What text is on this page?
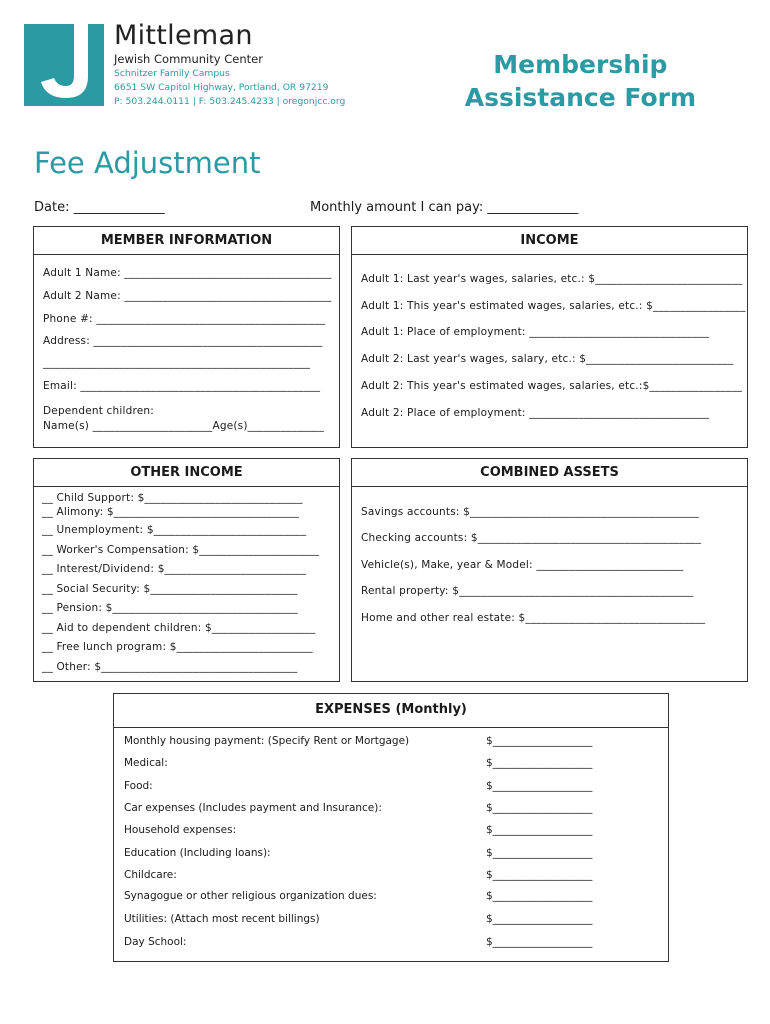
Mittleman
Jewish Community Center
Schnitzer Family Campus
6651 SW Capitol Highway, Portland, OR 97219
P: 503.244.0111 | F: 503.245.4233 | oregonjcc.org
Membership
Assistance Form
Fee Adjustment
Date: ______________	Monthly amount I can pay: ______________
MEMBER INFORMATION
Adult 1 Name: ______________________________________
Adult 2 Name: ______________________________________
Phone #: __________________________________________
Address: __________________________________________
_________________________________________________
Email: ____________________________________________
Dependent children:
Name(s) ______________________Age(s)______________
INCOME
Adult 1: Last year's wages, salaries, etc.: $___________________________
Adult 1: This year's estimated wages, salaries, etc.: $_________________
Adult 1: Place of employment: _________________________________
Adult 2: Last year's wages, salary, etc.: $___________________________
Adult 2: This year's estimated wages, salaries, etc.:$_________________
Adult 2: Place of employment: _________________________________
OTHER INCOME
__ Child Support: $_____________________________
__ Alimony: $__________________________________
__ Unemployment: $____________________________
__ Worker's Compensation: $______________________
__ Interest/Dividend: $__________________________
__ Social Security: $___________________________
__ Pension: $__________________________________
__ Aid to dependent children: $___________________
__ Free lunch program: $_________________________
__ Other: $____________________________________
COMBINED ASSETS
Savings accounts: $__________________________________________
Checking accounts: $_________________________________________
Vehicle(s), Make, year & Model: ___________________________
Rental property: $___________________________________________
Home and other real estate: $_________________________________
EXPENSES (Monthly)
Monthly housing payment: (Specify Rent or Mortgage)	$___________________
Medical:	$___________________
Food:	$___________________
Car expenses (Includes payment and Insurance):	$___________________
Household expenses:	$___________________
Education (Including loans):	$___________________
Childcare:	$___________________
Synagogue or other religious organization dues:	$___________________
Utilities: (Attach most recent billings)	$___________________
Day School:	$___________________
